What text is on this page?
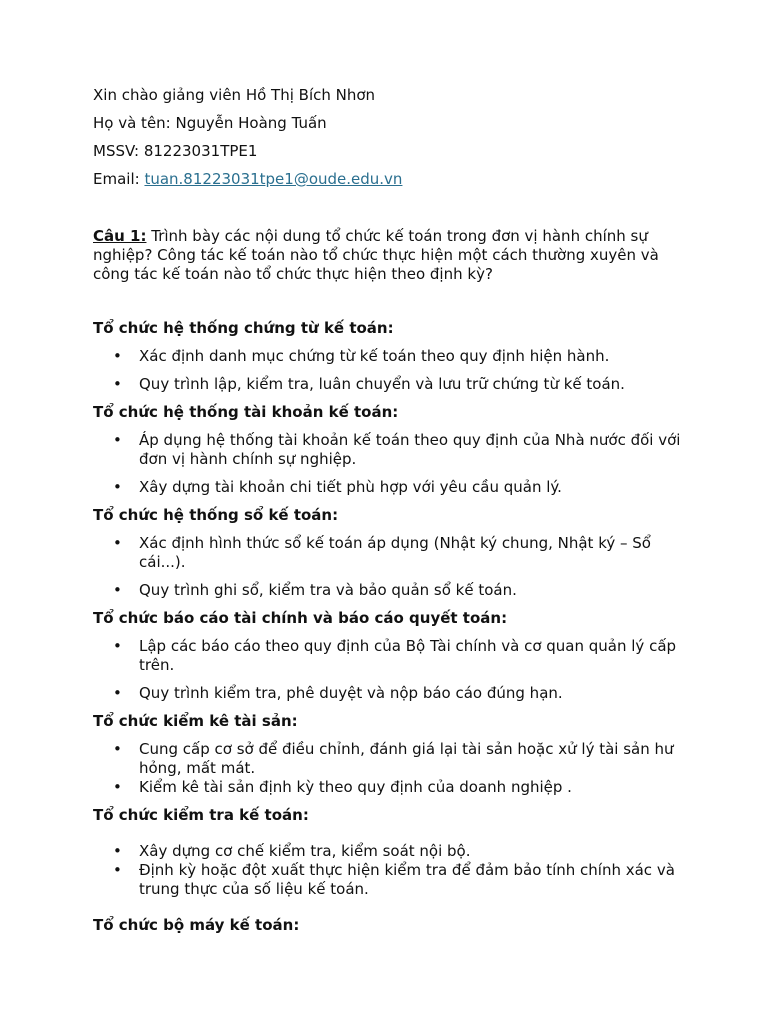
Xin chào giảng viên Hồ Thị Bích Nhơn

Họ và tên: Nguyễn Hoàng Tuấn

MSSV: 81223031TPE1

Email: tuan.81223031tpe1@oude.edu.vn

Câu 1: Trình bày các nội dung tổ chức kế toán trong đơn vị hành chính sự nghiệp? Công tác kế toán nào tổ chức thực hiện một cách thường xuyên và công tác kế toán nào tổ chức thực hiện theo định kỳ?

Tổ chức hệ thống chứng từ kế toán:
• Xác định danh mục chứng từ kế toán theo quy định hiện hành.
• Quy trình lập, kiểm tra, luân chuyển và lưu trữ chứng từ kế toán.
Tổ chức hệ thống tài khoản kế toán:
• Áp dụng hệ thống tài khoản kế toán theo quy định của Nhà nước đối với đơn vị hành chính sự nghiệp.
• Xây dựng tài khoản chi tiết phù hợp với yêu cầu quản lý.
Tổ chức hệ thống sổ kế toán:
• Xác định hình thức sổ kế toán áp dụng (Nhật ký chung, Nhật ký – Sổ cái...).
• Quy trình ghi sổ, kiểm tra và bảo quản sổ kế toán.
Tổ chức báo cáo tài chính và báo cáo quyết toán:
• Lập các báo cáo theo quy định của Bộ Tài chính và cơ quan quản lý cấp trên.
• Quy trình kiểm tra, phê duyệt và nộp báo cáo đúng hạn.
Tổ chức kiểm kê tài sản:
• Cung cấp cơ sở để điều chỉnh, đánh giá lại tài sản hoặc xử lý tài sản hư hỏng, mất mát.
• Kiểm kê tài sản định kỳ theo quy định của doanh nghiệp .
Tổ chức kiểm tra kế toán:
• Xây dựng cơ chế kiểm tra, kiểm soát nội bộ.
• Định kỳ hoặc đột xuất thực hiện kiểm tra để đảm bảo tính chính xác và trung thực của số liệu kế toán.
Tổ chức bộ máy kế toán:
